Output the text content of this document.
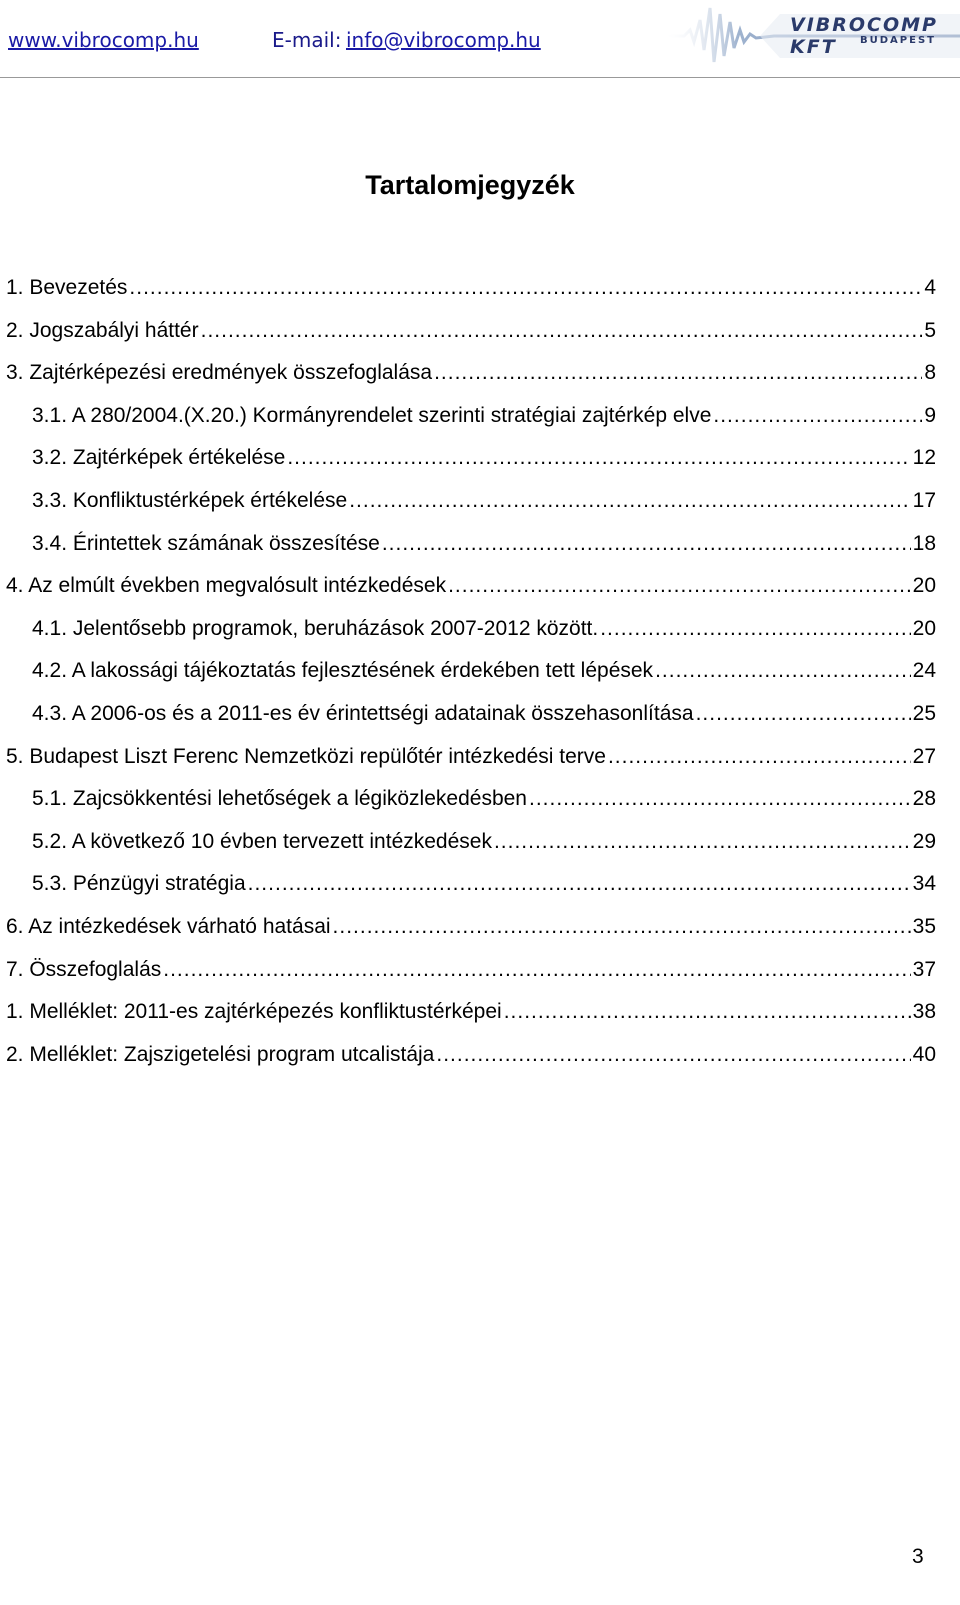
www.vibrocomp.hu	E-mail: info@vibrocomp.hu
VIBROCOMP KFT	BUDAPEST
Tartalomjegyzék
1. Bevezetés .....	4
2. Jogszabályi háttér .....	5
3. Zajtérképezési eredmények összefoglalása .....	8
3.1. A 280/2004.(X.20.) Kormányrendelet szerinti stratégiai zajtérkép elve .....	9
3.2. Zajtérképek értékelése .....	12
3.3. Konfliktustérképek értékelése .....	17
3.4. Érintettek számának összesítése .....	18
4. Az elmúlt években megvalósult intézkedések .....	20
4.1. Jelentősebb programok, beruházások 2007-2012 között. .....	20
4.2. A lakossági tájékoztatás fejlesztésének érdekében tett lépések .....	24
4.3. A 2006-os és a 2011-es év érintettségi adatainak összehasonlítása .....	25
5. Budapest Liszt Ferenc Nemzetközi repülőtér intézkedési terve .....	27
5.1. Zajcsökkentési lehetőségek a légiközlekedésben .....	28
5.2. A következő 10 évben tervezett intézkedések .....	29
5.3. Pénzügyi stratégia .....	34
6. Az intézkedések várható hatásai .....	35
7. Összefoglalás .....	37
1. Melléklet: 2011-es zajtérképezés konfliktustérképei .....	38
2. Melléklet: Zajszigetelési program utcalistája .....	40
3
